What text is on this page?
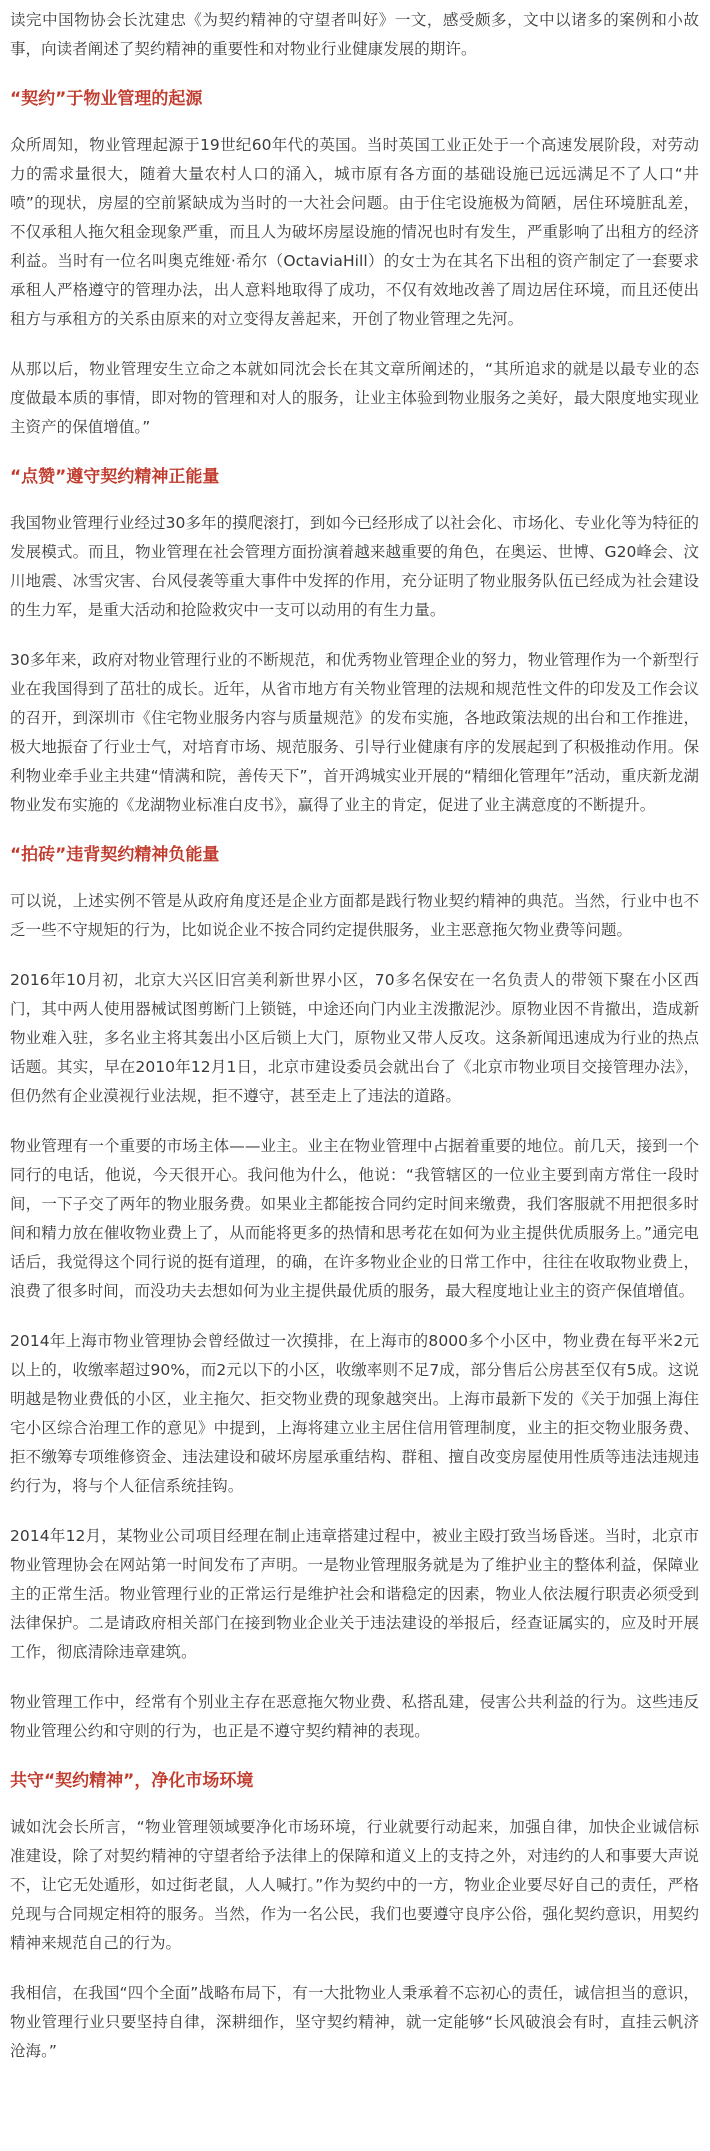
读完中国物协会长沈建忠《为契约精神的守望者叫好》一文，感受颇多，文中以诸多的案例和小故事，向读者阐述了契约精神的重要性和对物业行业健康发展的期许。

“契约”于物业管理的起源

众所周知，物业管理起源于19世纪60年代的英国。当时英国工业正处于一个高速发展阶段，对劳动力的需求量很大，随着大量农村人口的涌入，城市原有各方面的基础设施已远远满足不了人口“井喷”的现状，房屋的空前紧缺成为当时的一大社会问题。由于住宅设施极为简陋，居住环境脏乱差，不仅承租人拖欠租金现象严重，而且人为破坏房屋设施的情况也时有发生，严重影响了出租方的经济利益。当时有一位名叫奥克维娅·希尔（OctaviaHill）的女士为在其名下出租的资产制定了一套要求承租人严格遵守的管理办法，出人意料地取得了成功，不仅有效地改善了周边居住环境，而且还使出租方与承租方的关系由原来的对立变得友善起来，开创了物业管理之先河。

从那以后，物业管理安生立命之本就如同沈会长在其文章所阐述的，“其所追求的就是以最专业的态度做最本质的事情，即对物的管理和对人的服务，让业主体验到物业服务之美好，最大限度地实现业主资产的保值增值。”

“点赞”遵守契约精神正能量

我国物业管理行业经过30多年的摸爬滚打，到如今已经形成了以社会化、市场化、专业化等为特征的发展模式。而且，物业管理在社会管理方面扮演着越来越重要的角色，在奥运、世博、G20峰会、汶川地震、冰雪灾害、台风侵袭等重大事件中发挥的作用，充分证明了物业服务队伍已经成为社会建设的生力军，是重大活动和抢险救灾中一支可以动用的有生力量。

30多年来，政府对物业管理行业的不断规范，和优秀物业管理企业的努力，物业管理作为一个新型行业在我国得到了茁壮的成长。近年，从省市地方有关物业管理的法规和规范性文件的印发及工作会议的召开，到深圳市《住宅物业服务内容与质量规范》的发布实施，各地政策法规的出台和工作推进，极大地振奋了行业士气，对培育市场、规范服务、引导行业健康有序的发展起到了积极推动作用。保利物业牵手业主共建“情满和院，善传天下”，首开鸿城实业开展的“精细化管理年”活动，重庆新龙湖物业发布实施的《龙湖物业标准白皮书》，赢得了业主的肯定，促进了业主满意度的不断提升。

“拍砖”违背契约精神负能量

可以说，上述实例不管是从政府角度还是企业方面都是践行物业契约精神的典范。当然，行业中也不乏一些不守规矩的行为，比如说企业不按合同约定提供服务，业主恶意拖欠物业费等问题。

2016年10月初，北京大兴区旧宫美利新世界小区，70多名保安在一名负责人的带领下聚在小区西门，其中两人使用器械试图剪断门上锁链，中途还向门内业主泼撒泥沙。原物业因不肯撤出，造成新物业难入驻，多名业主将其轰出小区后锁上大门，原物业又带人反攻。这条新闻迅速成为行业的热点话题。其实，早在2010年12月1日，北京市建设委员会就出台了《北京市物业项目交接管理办法》，但仍然有企业漠视行业法规，拒不遵守，甚至走上了违法的道路。

物业管理有一个重要的市场主体——业主。业主在物业管理中占据着重要的地位。前几天，接到一个同行的电话，他说，今天很开心。我问他为什么，他说：“我管辖区的一位业主要到南方常住一段时间，一下子交了两年的物业服务费。如果业主都能按合同约定时间来缴费，我们客服就不用把很多时间和精力放在催收物业费上了，从而能将更多的热情和思考花在如何为业主提供优质服务上。”通完电话后，我觉得这个同行说的挺有道理，的确，在许多物业企业的日常工作中，往往在收取物业费上，浪费了很多时间，而没功夫去想如何为业主提供最优质的服务，最大程度地让业主的资产保值增值。

2014年上海市物业管理协会曾经做过一次摸排，在上海市的8000多个小区中，物业费在每平米2元以上的，收缴率超过90%，而2元以下的小区，收缴率则不足7成，部分售后公房甚至仅有5成。这说明越是物业费低的小区，业主拖欠、拒交物业费的现象越突出。上海市最新下发的《关于加强上海住宅小区综合治理工作的意见》中提到，上海将建立业主居住信用管理制度，业主的拒交物业服务费、拒不缴筹专项维修资金、违法建设和破坏房屋承重结构、群租、擅自改变房屋使用性质等违法违规违约行为，将与个人征信系统挂钩。

2014年12月，某物业公司项目经理在制止违章搭建过程中，被业主殴打致当场昏迷。当时，北京市物业管理协会在网站第一时间发布了声明。一是物业管理服务就是为了维护业主的整体利益，保障业主的正常生活。物业管理行业的正常运行是维护社会和谐稳定的因素，物业人依法履行职责必须受到法律保护。二是请政府相关部门在接到物业企业关于违法建设的举报后，经查证属实的，应及时开展工作，彻底清除违章建筑。

物业管理工作中，经常有个别业主存在恶意拖欠物业费、私搭乱建，侵害公共利益的行为。这些违反物业管理公约和守则的行为，也正是不遵守契约精神的表现。

共守“契约精神”，净化市场环境

诚如沈会长所言，“物业管理领域要净化市场环境，行业就要行动起来，加强自律，加快企业诚信标准建设，除了对契约精神的守望者给予法律上的保障和道义上的支持之外，对违约的人和事要大声说不，让它无处遁形，如过街老鼠，人人喊打。”作为契约中的一方，物业企业要尽好自己的责任，严格兑现与合同规定相符的服务。当然，作为一名公民，我们也要遵守良序公俗，强化契约意识，用契约精神来规范自己的行为。

我相信，在我国“四个全面”战略布局下，有一大批物业人秉承着不忘初心的责任，诚信担当的意识，物业管理行业只要坚持自律，深耕细作，坚守契约精神，就一定能够“长风破浪会有时，直挂云帆济沧海。”
